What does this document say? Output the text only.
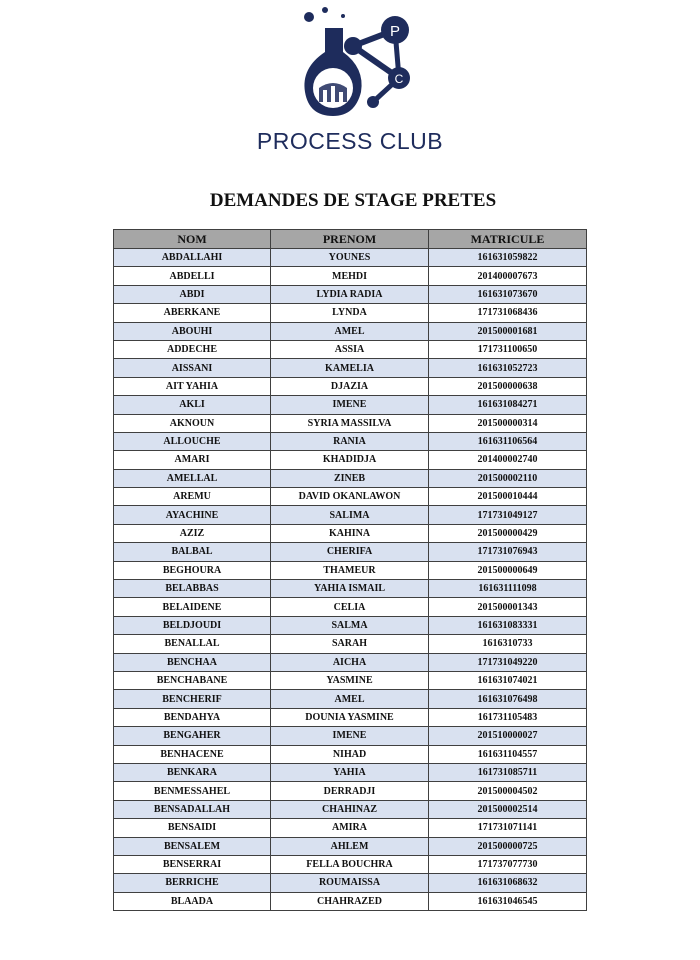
P
C
PROCESS CLUB
DEMANDES DE STAGE PRETES
NOM	PRENOM	MATRICULE
ABDALLAHI	YOUNES	161631059822
ABDELLI	MEHDI	201400007673
ABDI	LYDIA RADIA	161631073670
ABERKANE	LYNDA	171731068436
ABOUHI	AMEL	201500001681
ADDECHE	ASSIA	171731100650
AISSANI	KAMELIA	161631052723
AIT YAHIA	DJAZIA	201500000638
AKLI	IMENE	161631084271
AKNOUN	SYRIA MASSILVA	201500000314
ALLOUCHE	RANIA	161631106564
AMARI	KHADIDJA	201400002740
AMELLAL	ZINEB	201500002110
AREMU	DAVID OKANLAWON	201500010444
AYACHINE	SALIMA	171731049127
AZIZ	KAHINA	201500000429
BALBAL	CHERIFA	171731076943
BEGHOURA	THAMEUR	201500000649
BELABBAS	YAHIA ISMAIL	161631111098
BELAIDENE	CELIA	201500001343
BELDJOUDI	SALMA	161631083331
BENALLAL	SARAH	1616310733
BENCHAA	AICHA	171731049220
BENCHABANE	YASMINE	161631074021
BENCHERIF	AMEL	161631076498
BENDAHYA	DOUNIA YASMINE	161731105483
BENGAHER	IMENE	201510000027
BENHACENE	NIHAD	161631104557
BENKARA	YAHIA	161731085711
BENMESSAHEL	DERRADJI	201500004502
BENSADALLAH	CHAHINAZ	201500002514
BENSAIDI	AMIRA	171731071141
BENSALEM	AHLEM	201500000725
BENSERRAI	FELLA BOUCHRA	171737077730
BERRICHE	ROUMAISSA	161631068632
BLAADA	CHAHRAZED	161631046545
